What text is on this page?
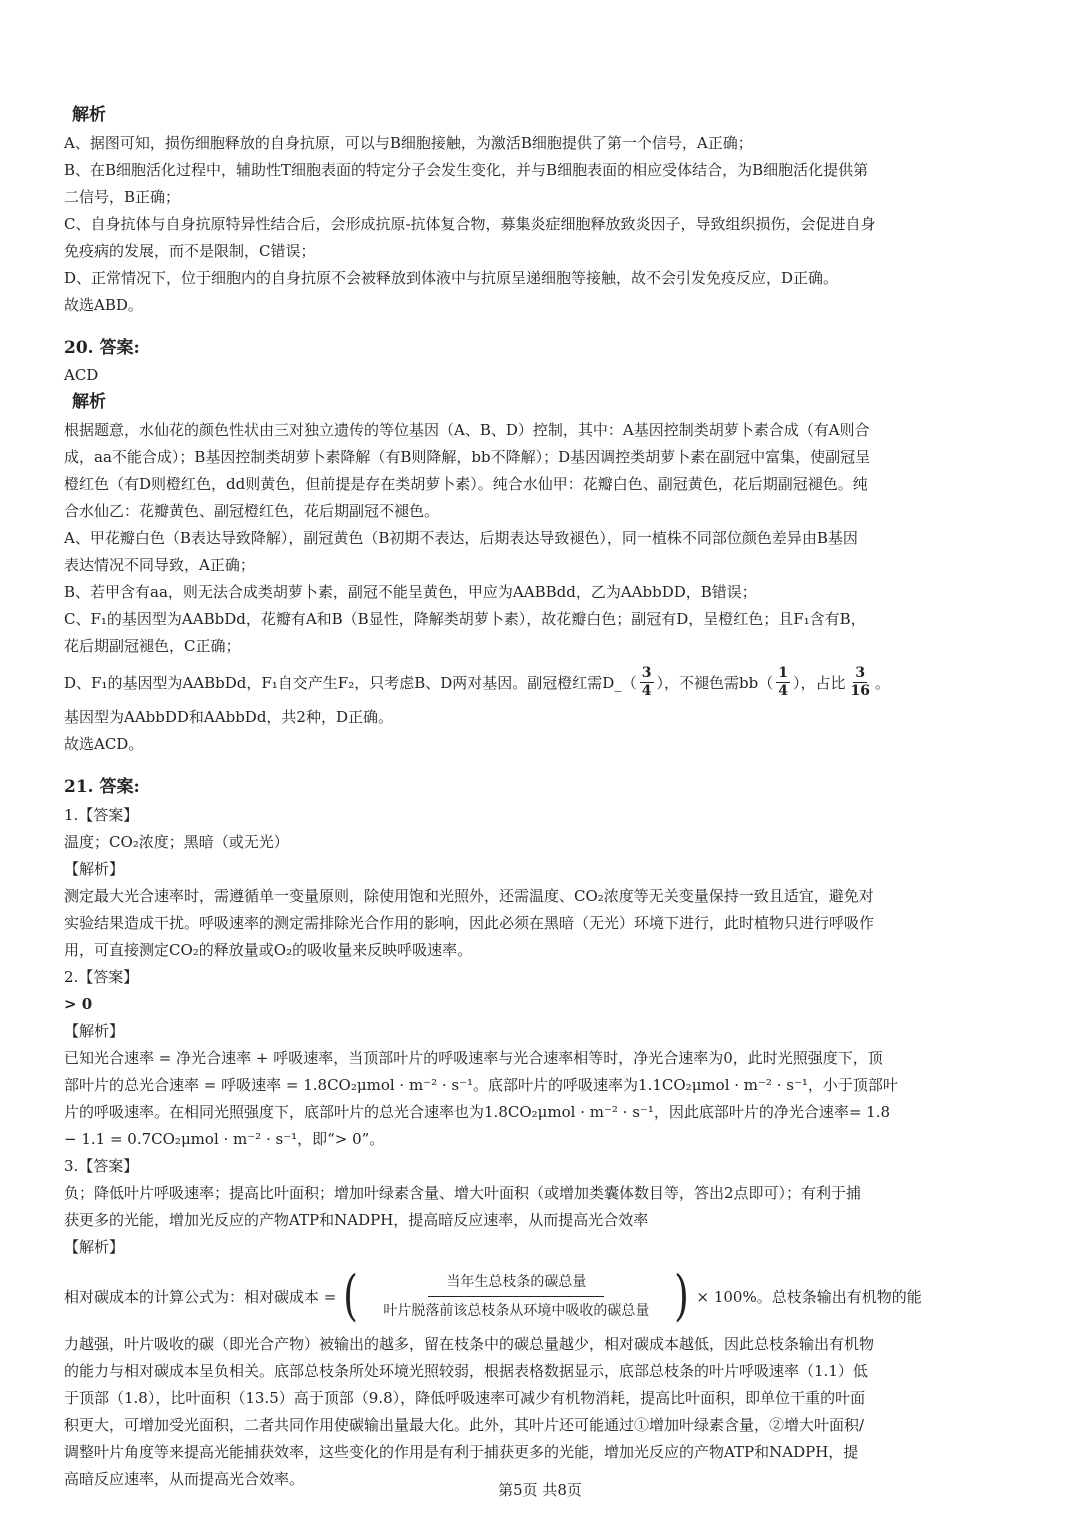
解析
A、据图可知，损伤细胞释放的自身抗原，可以与B细胞接触，为激活B细胞提供了第一个信号，A正确；
B、在B细胞活化过程中，辅助性T细胞表面的特定分子会发生变化，并与B细胞表面的相应受体结合，为B细胞活化提供第
二信号，B正确；
C、自身抗体与自身抗原特异性结合后，会形成抗原-抗体复合物，募集炎症细胞释放致炎因子，导致组织损伤，会促进自身
免疫病的发展，而不是限制，C错误；
D、正常情况下，位于细胞内的自身抗原不会被释放到体液中与抗原呈递细胞等接触，故不会引发免疫反应，D正确。
故选ABD。
20. 答案:
ACD
解析
根据题意，水仙花的颜色性状由三对独立遗传的等位基因（A、B、D）控制，其中：A基因控制类胡萝卜素合成（有A则合
成，aa不能合成）；B基因控制类胡萝卜素降解（有B则降解，bb不降解）；D基因调控类胡萝卜素在副冠中富集，使副冠呈
橙红色（有D则橙红色，dd则黄色，但前提是存在类胡萝卜素）。纯合水仙甲：花瓣白色、副冠黄色，花后期副冠褪色。纯
合水仙乙：花瓣黄色、副冠橙红色，花后期副冠不褪色。
A、甲花瓣白色（B表达导致降解），副冠黄色（B初期不表达，后期表达导致褪色），同一植株不同部位颜色差异由B基因
表达情况不同导致，A正确；
B、若甲含有aa，则无法合成类胡萝卜素，副冠不能呈黄色，甲应为AABBdd，乙为AAbbDD，B错误；
C、F₁的基因型为AABbDd，花瓣有A和B（B显性，降解类胡萝卜素），故花瓣白色；副冠有D，呈橙红色；且F₁含有B，
花后期副冠褪色，C正确；
D、F₁的基因型为AABbDd，F₁自交产生F₂，只考虑B、D两对基因。副冠橙红需D_（ $\frac{3}{4}$ ），不褪色需$bb( \frac{1}{4}$ ），占比 $\frac{3}{16}$ 。
基因型为AAbbDD和AAbbDd，共2种，D正确。
故选ACD。
21. 答案:
1.【答案】
温度；CO₂浓度；黑暗（或无光）
【解析】
测定最大光合速率时，需遵循单一变量原则，除使用饱和光照外，还需温度、CO₂浓度等无关变量保持一致且适宜，避免对
实验结果造成干扰。呼吸速率的测定需排除光合作用的影响，因此必须在黑暗（无光）环境下进行，此时植物只进行呼吸作
用，可直接测定CO₂的释放量或O₂的吸收量来反映呼吸速率。
2.【答案】
> 0
【解析】
已知光合速率 = 净光合速率 + 呼吸速率，当顶部叶片的呼吸速率与光合速率相等时，净光合速率为0，此时光照强度下，顶
部叶片的总光合速率 = 呼吸速率 = 1.8CO₂μmol · m⁻² · s⁻¹。底部叶片的呼吸速率为1.1CO₂μmol · m⁻² · s⁻¹，小于顶部叶
片的呼吸速率。在相同光照强度下，底部叶片的总光合速率也为1.8CO₂μmol · m⁻² · s⁻¹，因此底部叶片的净光合速率= 1.8
− 1.1 = 0.7CO₂μmol · m⁻² · s⁻¹，即“> 0”。
3.【答案】
负；降低叶片呼吸速率；提高比叶面积；增加叶绿素含量、增大叶面积（或增加类囊体数目等，答出2点即可）；有利于捕
获更多的光能，增加光反应的产物ATP和NADPH，提高暗反应速率，从而提高光合效率
【解析】
相对碳成本的计算公式为：相对碳成本 = ( $\frac{\text{当年生总枝条的碳总量}}{\text{叶片脱落前该总枝条从环境中吸收的碳总量}}$ ) × 100%。总枝条输出有机物的能
力越强，叶片吸收的碳（即光合产物）被输出的越多，留在枝条中的碳总量越少，相对碳成本越低，因此总枝条输出有机物
的能力与相对碳成本呈负相关。底部总枝条所处环境光照较弱，根据表格数据显示，底部总枝条的叶片呼吸速率（1.1）低
于顶部（1.8），比叶面积（13.5）高于顶部（9.8），降低呼吸速率可减少有机物消耗，提高比叶面积，即单位干重的叶面
积更大，可增加受光面积，二者共同作用使碳输出量最大化。此外，其叶片还可能通过①增加叶绿素含量，②增大叶面积/
调整叶片角度等来提高光能捕获效率，这些变化的作用是有利于捕获更多的光能，增加光反应的产物ATP和NADPH，提
高暗反应速率，从而提高光合效率。
第5页 共8页
